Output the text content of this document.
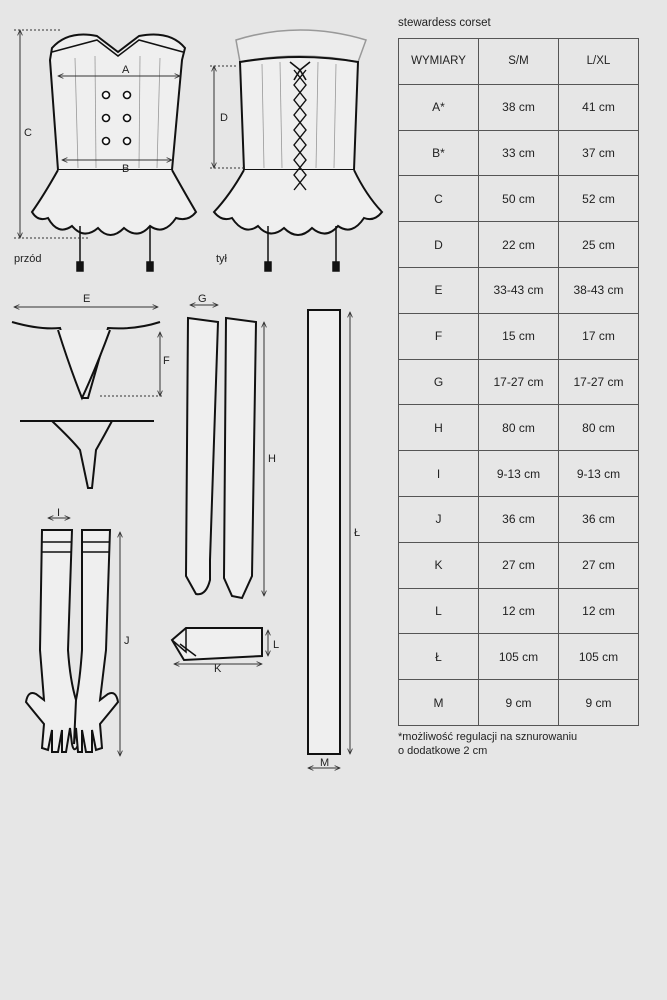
A
B
C
D
przód	tył
E
F
G
H
I
J
K
L
Ł
M
stewardess corset
WYMIARY	S/M	L/XL
A*	38 cm	41 cm
B*	33 cm	37 cm
C	50 cm	52 cm
D	22 cm	25 cm
E	33-43 cm	38-43 cm
F	15 cm	17 cm
G	17-27 cm	17-27 cm
H	80 cm	80 cm
I	9-13 cm	9-13 cm
J	36 cm	36 cm
K	27 cm	27 cm
L	12 cm	12 cm
Ł	105 cm	105 cm
M	9 cm	9 cm
*możliwość regulacji na sznurowaniu
o dodatkowe 2 cm
